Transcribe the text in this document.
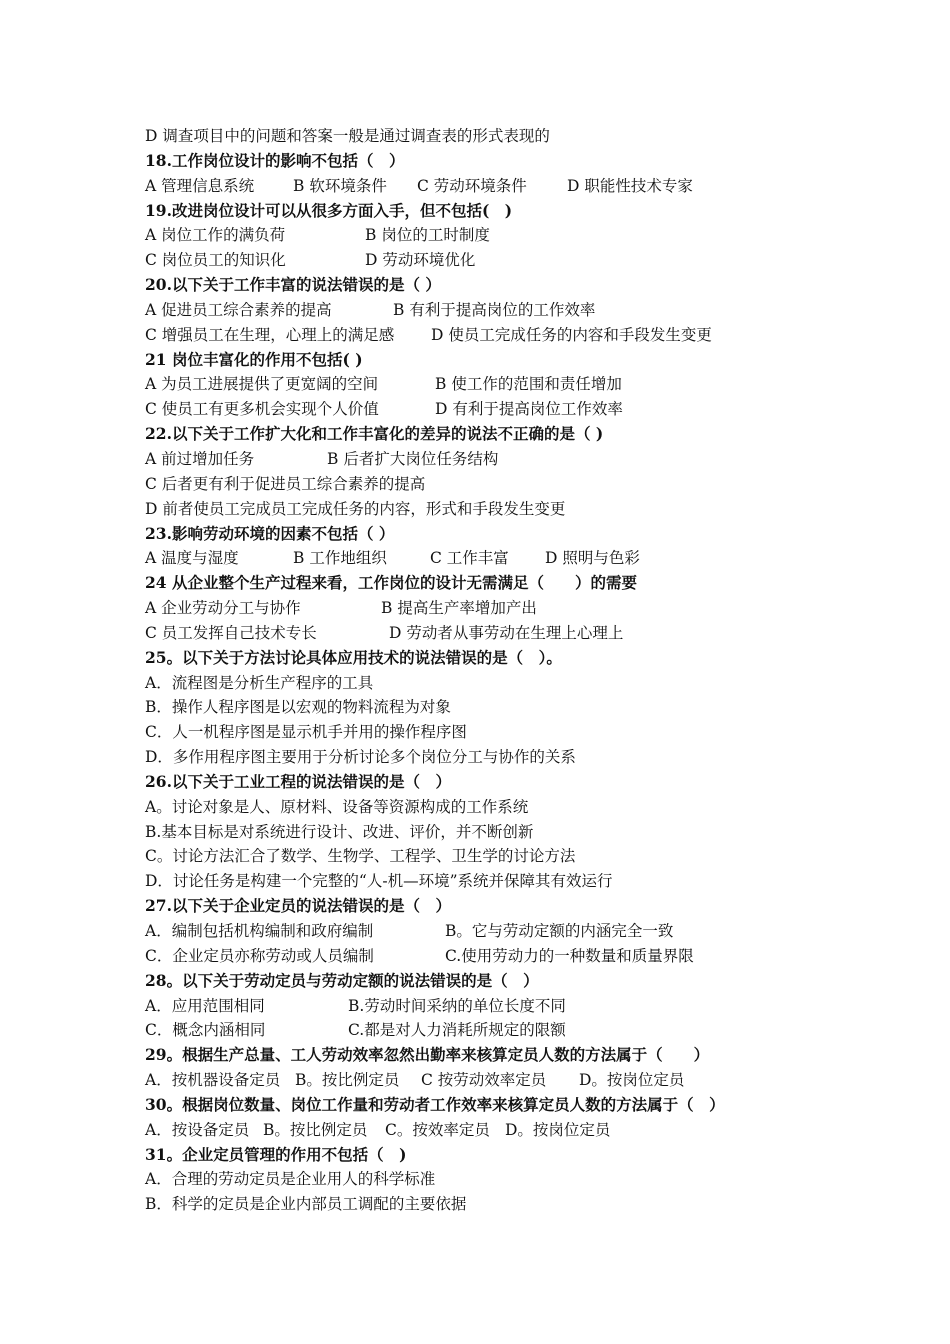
D 调查项目中的问题和答案一般是通过调查表的形式表现的
18.工作岗位设计的影响不包括（　）
A 管理信息系统	B 软环境条件 C 劳动环境条件	D 职能性技术专家
19.改进岗位设计可以从很多方面入手，但不包括(　)
A 岗位工作的满负荷	B 岗位的工时制度
C 岗位员工的知识化	D 劳动环境优化
20.以下关于工作丰富的说法错误的是（ ）
A 促进员工综合素养的提高	B 有利于提高岗位的工作效率
C 增强员工在生理，心理上的满足感 D 使员工完成任务的内容和手段发生变更
21 岗位丰富化的作用不包括( )
A 为员工进展提供了更宽阔的空间	B 使工作的范围和责任增加
C 使员工有更多机会实现个人价值	D 有利于提高岗位工作效率
22.以下关于工作扩大化和工作丰富化的差异的说法不正确的是（ )
A 前过增加任务	B 后者扩大岗位任务结构
C 后者更有利于促进员工综合素养的提高
D 前者使员工完成员工完成任务的内容，形式和手段发生变更
23.影响劳动环境的因素不包括（ ）
A 温度与湿度	B 工作地组织	C 工作丰富 D 照明与色彩
24 从企业整个生产过程来看，工作岗位的设计无需满足（　　）的需要
A 企业劳动分工与协作	B 提高生产率增加产出
C 员工发挥自己技术专长	D 劳动者从事劳动在生理上心理上
25。以下关于方法讨论具体应用技术的说法错误的是（　）。
A．流程图是分析生产程序的工具
B．操作人程序图是以宏观的物料流程为对象
C．人一机程序图是显示机手并用的操作程序图
D．多作用程序图主要用于分析讨论多个岗位分工与协作的关系
26.以下关于工业工程的说法错误的是（　）
A。讨论对象是人、原材料、设备等资源构成的工作系统
B.基本目标是对系统进行设计、改进、评价，并不断创新
C。讨论方法汇合了数学、生物学、工程学、卫生学的讨论方法
D．讨论任务是构建一个完整的“人-机—环境”系统并保障其有效运行
27.以下关于企业定员的说法错误的是（　）
A．编制包括机构编制和政府编制	B。它与劳动定额的内涵完全一致
C．企业定员亦称劳动或人员编制	C.使用劳动力的一种数量和质量界限
28。以下关于劳动定员与劳动定额的说法错误的是（　）
A．应用范围相同	B.劳动时间采纳的单位长度不同
C．概念内涵相同	C.都是对人力消耗所规定的限额
29。根据生产总量、工人劳动效率忽然出勤率来核算定员人数的方法属于（　　）
A．按机器设备定员 B。按比例定员 C 按劳动效率定员 D。按岗位定员
30。根据岗位数量、岗位工作量和劳动者工作效率来核算定员人数的方法属于（　）
A．按设备定员 B。按比例定员 C。按效率定员 D。按岗位定员
31。企业定员管理的作用不包括（　)
A．合理的劳动定员是企业用人的科学标准
B．科学的定员是企业内部员工调配的主要依据
